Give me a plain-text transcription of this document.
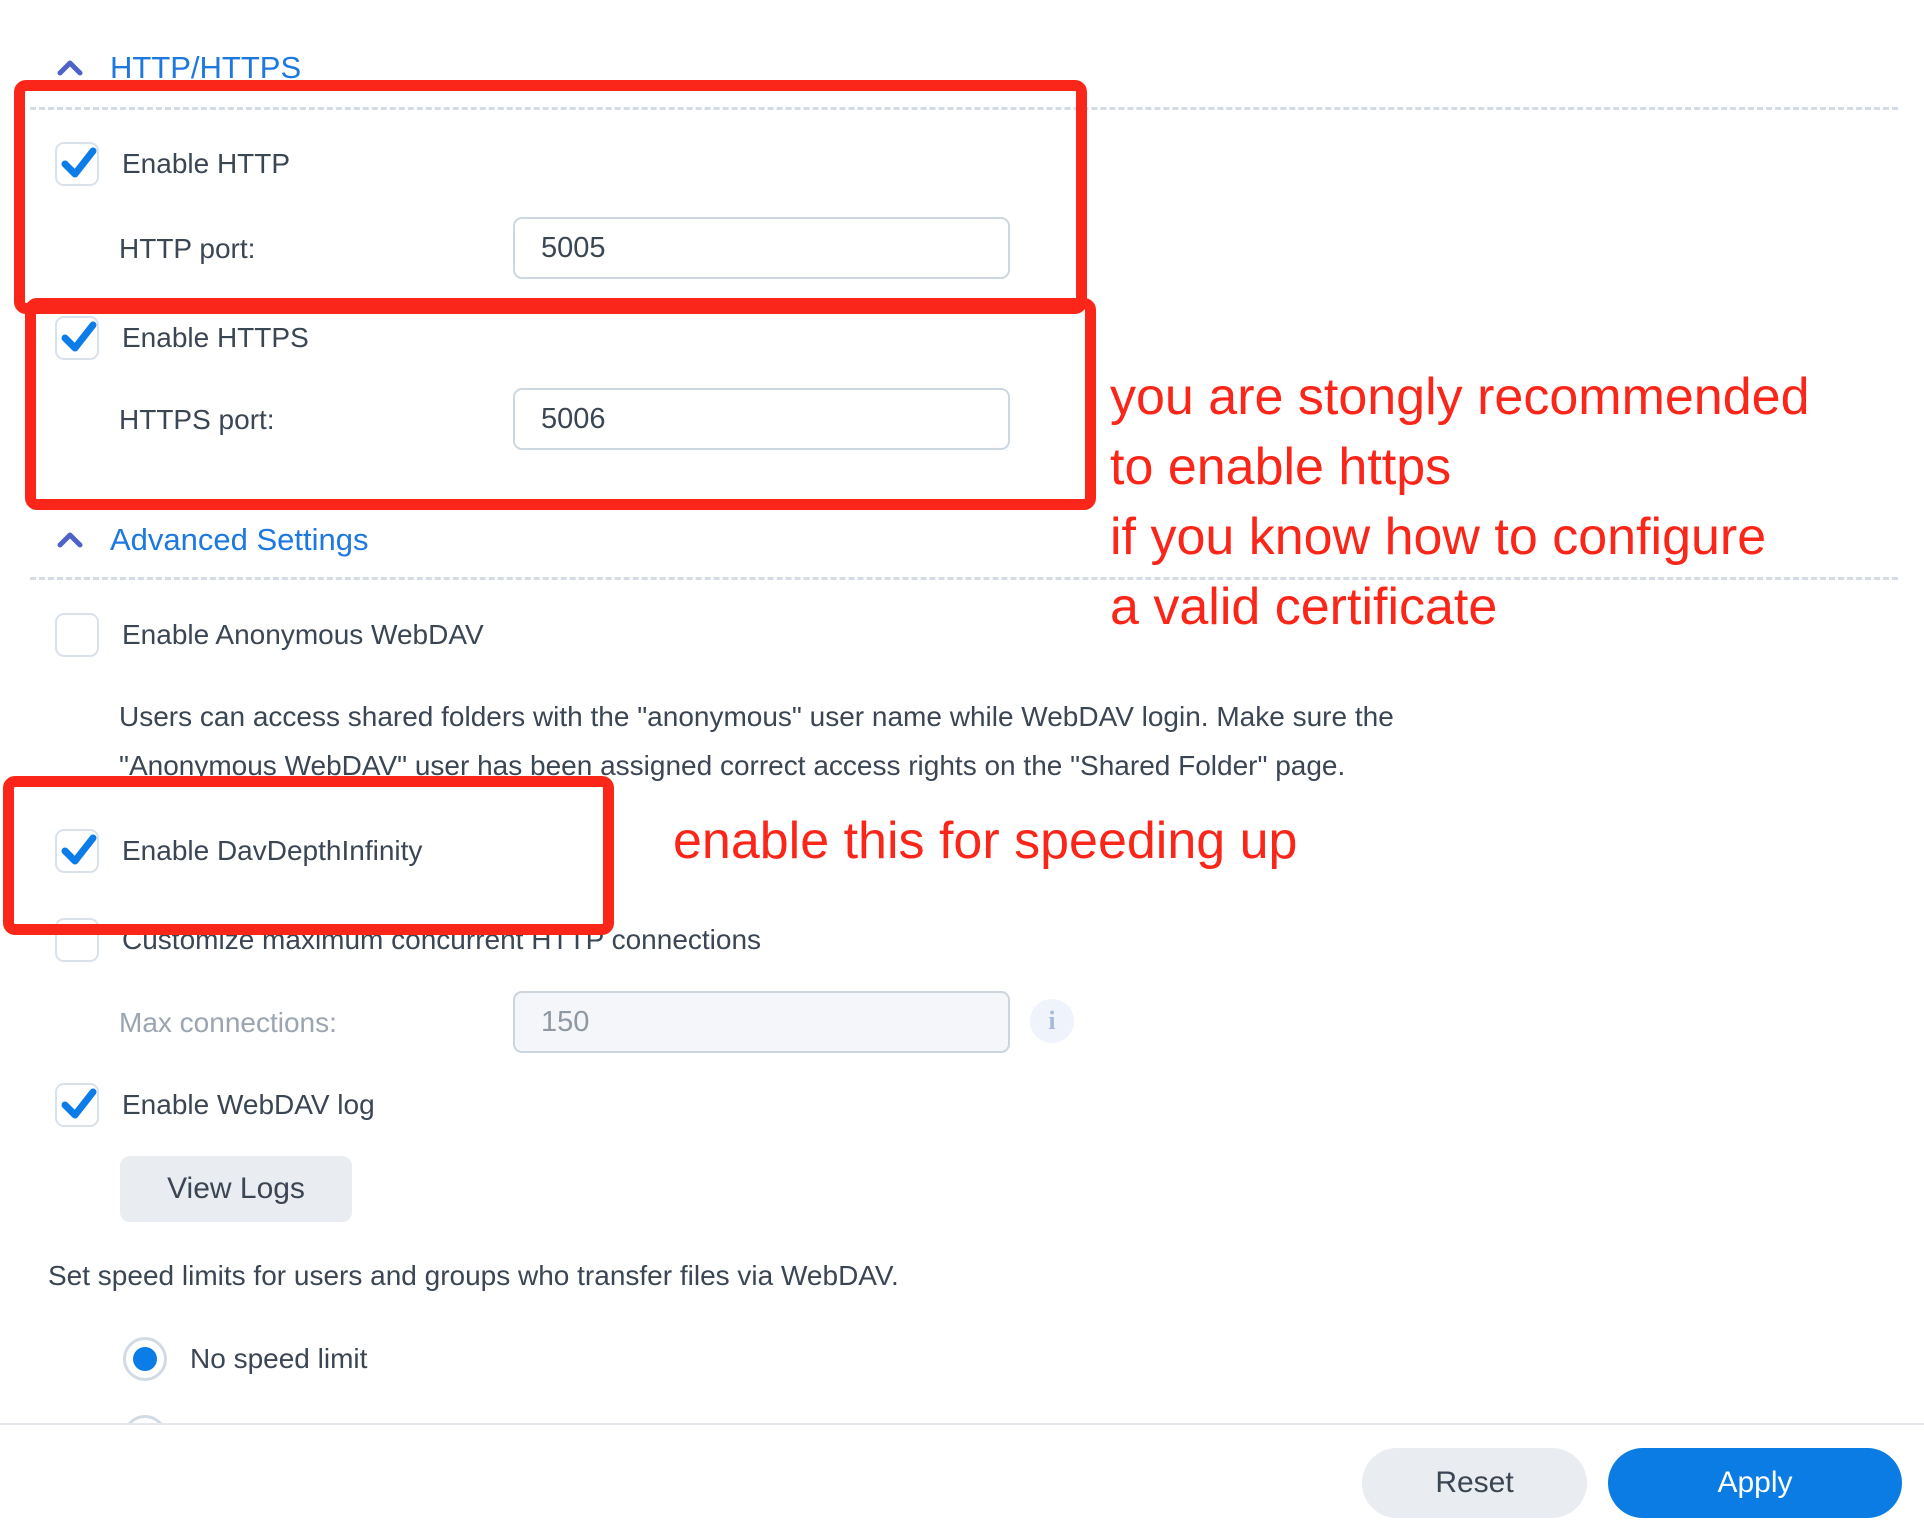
HTTP/HTTPS
Enable HTTP
HTTP port:
5005
Enable HTTPS
HTTPS port:
5006	you are stongly recommended
to enable https
if you know how to configure
a valid certificate
Advanced Settings
Enable Anonymous WebDAV
Users can access shared folders with the "anonymous" user name while WebDAV login. Make sure the
"Anonymous WebDAV" user has been assigned correct access rights on the "Shared Folder" page.
Enable DavDepthInfinity	enable this for speeding up
Customize maximum concurrent HTTP connections
Max connections:
150	i
Enable WebDAV log
View Logs
Set speed limits for users and groups who transfer files via WebDAV.
No speed limit
Reset	Apply
